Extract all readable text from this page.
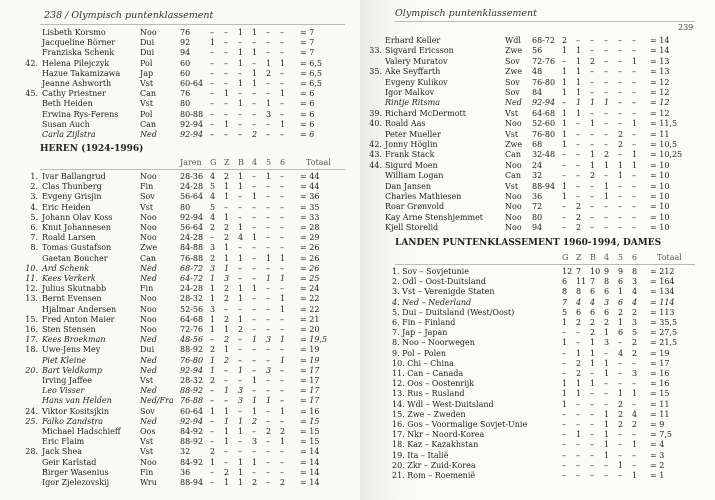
238 / Olympisch puntenklassement
Lisbeth Korsmo	Noo	76 – – 1 1 – – = 7
Jacqueline Börner	Dui	92 1 – – – – – = 7
Franziska Schenk	Dui	94 – – 1 1 – – = 7
42. Helena Pilejczyk	Pol	60 – – 1 – 1 1 = 6,5
Hazue Takamizawa Jap	60 – – – 1 2 – = 6,5
Jeanne Ashworth	Vst	60-64 – – 1 1 – – = 6,5
45. Cathy Priestner	Can	76 – 1 – – – 1 = 6
Beth Heiden	Vst	80 – – 1 – 1 – = 6
Erwina Rys-Ferens	Pol	80-88 – – – – 3 – = 6
Susan Auch	Can	92-94 – 1 – – – 1 = 6
Carla Zijlstra	Ned	92-94 – – – 2 – – = 6
HEREN (1924-1996)
Jaren G Z B 4 5 6	Totaal
1. Ivar Ballangrud	Noo	28-36 4 2 1 – 1 – = 44
2. Clas Thunberg	Fin	24-28 5 1 1 – – – = 44
3. Evgeny Grisjin	Sov	56-64 4 1 – 1 – – = 36
4. Eric Heiden	Vst	80 5 – – – – – = 35
5. Johann Olav Koss	Noo	92-94 4 1 – – – – = 33
6. Knut Johannesen	Noo	56-64 2 2 1 – – – = 28
7. Roald Larsen	Noo	24-28 – 2 4 1 – – = 29
8. Tomas Gustafson	Zwe	84-88 3 1 – – – – = 26
Gaetan Boucher	Can	76-88 2 1 1 – 1 1 = 26
10. Ard Schenk	Ned	68-72 3 1 – – – – = 26
11. Kees Verkerk	Ned	64-72 1 3 – – 1 1 = 25
12. Julius Skutnabb	Fin	24-28 1 2 1 1 – – = 24
13. Bernt Evensen	Noo	28-32 1 2 1 – – 1 = 22
Hjalmar Andersen	Noo	52-56 3 – – – – 1 = 22
15. Fred Anton Maier	Noo	64-68 1 2 1 – – – = 21
16. Sten Stensen	Noo	72-76 1 1 2 – – – = 20
17. Kees Broekman	Ned	48-56 – 2 – 1 3 1 = 19,5
18. Uwe-Jens Mey	Dui	88-92 2 1 – – – – = 19
Piet Kleine	Ned	76-80 1 2 – – – 1 = 19
20. Bart Veldkamp	Ned	92-94 1 – 1 – 3 – = 17
Irving Jaffee	Vst	28-32 2 – – 1 – – = 17
Leo Visser	Ned	88-92 – 1 3 – – – = 17
Hans van Helden	Ned/Fra 76-88 – – 3 1 1 – = 17
24. Viktor Kositsjkin	Sov	60-64 1 1 – 1 – 1 = 16
25. Falko Zandstra	Ned	92-94 – 1 1 2 – – = 15
Michael Hadschieff Oos	84-92 – 1 1 – 2 2 = 15
Eric Flaim	Vst	88-92 – 1 – 3 – 1 = 15
28. Jack Shea	Vst	32 2 – – – – – = 14
Geir Karlstad	Noo	84-92 1 – 1 1 – – = 14
Birger Wasenius	Fin	36 – 2 1 – – – = 14
Igor Zjelezovskij	Wru	88-94 – 1 1 2 – 2 = 14
Olympisch puntenklassement
239
Erhard Keller	Wdl 68-72 2 – – – – – = 14
33. Sigvard Ericsson	Zwe 56 1 1 – – – – = 14
Valery Muratov	Sov 72-76 – 1 2 – – 1 = 13
35. Ake Seyffarth	Zwe 48 1 1 – – – – = 13
Evgeny Kulikov	Sov 76-80 1 1 – – – – = 12
Igor Malkov	Sov 84 1 1 – – – – = 12
Rintje Ritsma	Ned 92-94 – 1 1 1 – – = 12
39. Richard McDermott	Vst 64-68 1 1 – – – – = 12
40. Roald Aas	Noo 52-60 1 – 1 – – 1 = 11,5
Peter Mueller	Vst 76-80 1 – – – 2 – = 11
42. Jonny Höglin	Zwe 68 1 – – – 2 – = 10,5
43. Frank Stack	Can 32-48 – – 1 2 – 1 = 10,25
44. Sigurd Moen	Noo 24 – – 1 1 1 1 = 10
William Logan	Can 32 – – 2 – 1 – = 10
Dan Jansen	Vst 88-94 1 – – 1 – – = 10
Charles Mathiesen	Noo 36 1 – – 1 – – = 10
Roar Grønvold	Noo 72 – 2 – – – – = 10
Kay Arne Stenshjemmet	Noo 80 – 2 – – – – = 10
Kjell Storelid	Noo 94 – 2 – – – – = 10
LANDEN PUNTENKLASSEMENT 1960-1994, DAMES
G Z B 4 5 6 Totaal
1. Sov – Sovjetunie	12 7 10 9 9 8 = 212
2. Odl – Oost-Duitsland	6 11 7 8 6 3 = 164
3. Vst – Verenigde Staten	8 8 6 6 1 4 = 134
4. Ned – Nederland	7 4 4 3 6 4 = 114
5. Dui – Duitsland (West/Oost)	5 6 6 6 2 2 = 113
6. Fin – Finland	1 2 2 2 1 3 = 35,5
7. Jap – Japan	– – 2 1 6 5 = 27,5
8. Noo – Noorwegen	1 – 1 3 – 2 = 21,5
9. Pol – Polen	– 1 1 – 4 2 = 19
10. Chi – China	– 2 1 1 – – = 17
11. Can – Canada	– 2 – 1 – 3 = 16
12. Oos – Oostenrijk	1 1 1 – – – = 16
13. Rus – Rusland	1 1 – – 1 1 = 15
14. Wdl – West-Duitsland	1 – – – 2 – = 11
15. Zwe – Zweden	– – – 1 2 4 = 11
16. Gos – Voormalige Sovjet-Unie	– – – 1 2 2 = 9
17. Nkr – Noord-Korea	– 1 – 1 – – = 7,5
18. Kaz – Kazakhstan	– – – 1 – 1 = 4
19. Ita – Italië	– – – 1 – – = 3
20. Zkr – Zuid-Korea	– – – – 1 – = 2
21. Rom – Roemenië	– – – – – 1 = 1
